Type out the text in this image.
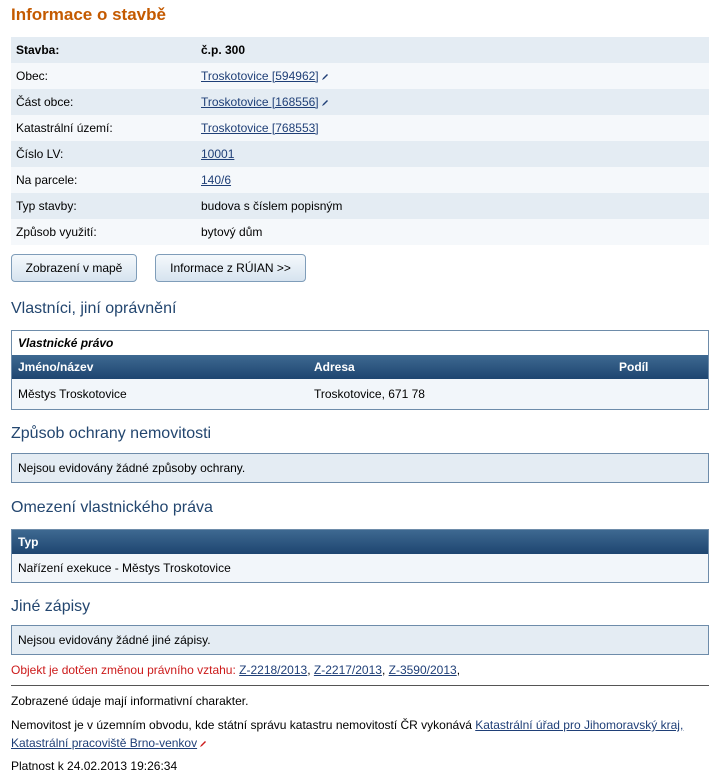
Informace o stavbě
Stavba:	č.p. 300
Obec:	Troskotovice [594962]
Část obce:	Troskotovice [168556]
Katastrální území:	Troskotovice [768553]
Číslo LV:	10001
Na parcele:	140/6
Typ stavby:	budova s číslem popisným
Způsob využití:	bytový dům
Zobrazení v mapě	Informace z RÚIAN >>
Vlastníci, jiní oprávnění
Vlastnické právo
Jméno/název	Adresa	Podíl
Městys Troskotovice	Troskotovice, 671 78
Způsob ochrany nemovitosti
Nejsou evidovány žádné způsoby ochrany.
Omezení vlastnického práva
Typ
Nařízení exekuce - Městys Troskotovice
Jiné zápisy
Nejsou evidovány žádné jiné zápisy.
Objekt je dotčen změnou právního vztahu: Z-2218/2013, Z-2217/2013, Z-3590/2013,
Zobrazené údaje mají informativní charakter.
Nemovitost je v územním obvodu, kde státní správu katastru nemovitostí ČR vykonává Katastrální úřad pro Jihomoravský kraj, Katastrální pracoviště Brno-venkov
Platnost k 24.02.2013 19:26:34
